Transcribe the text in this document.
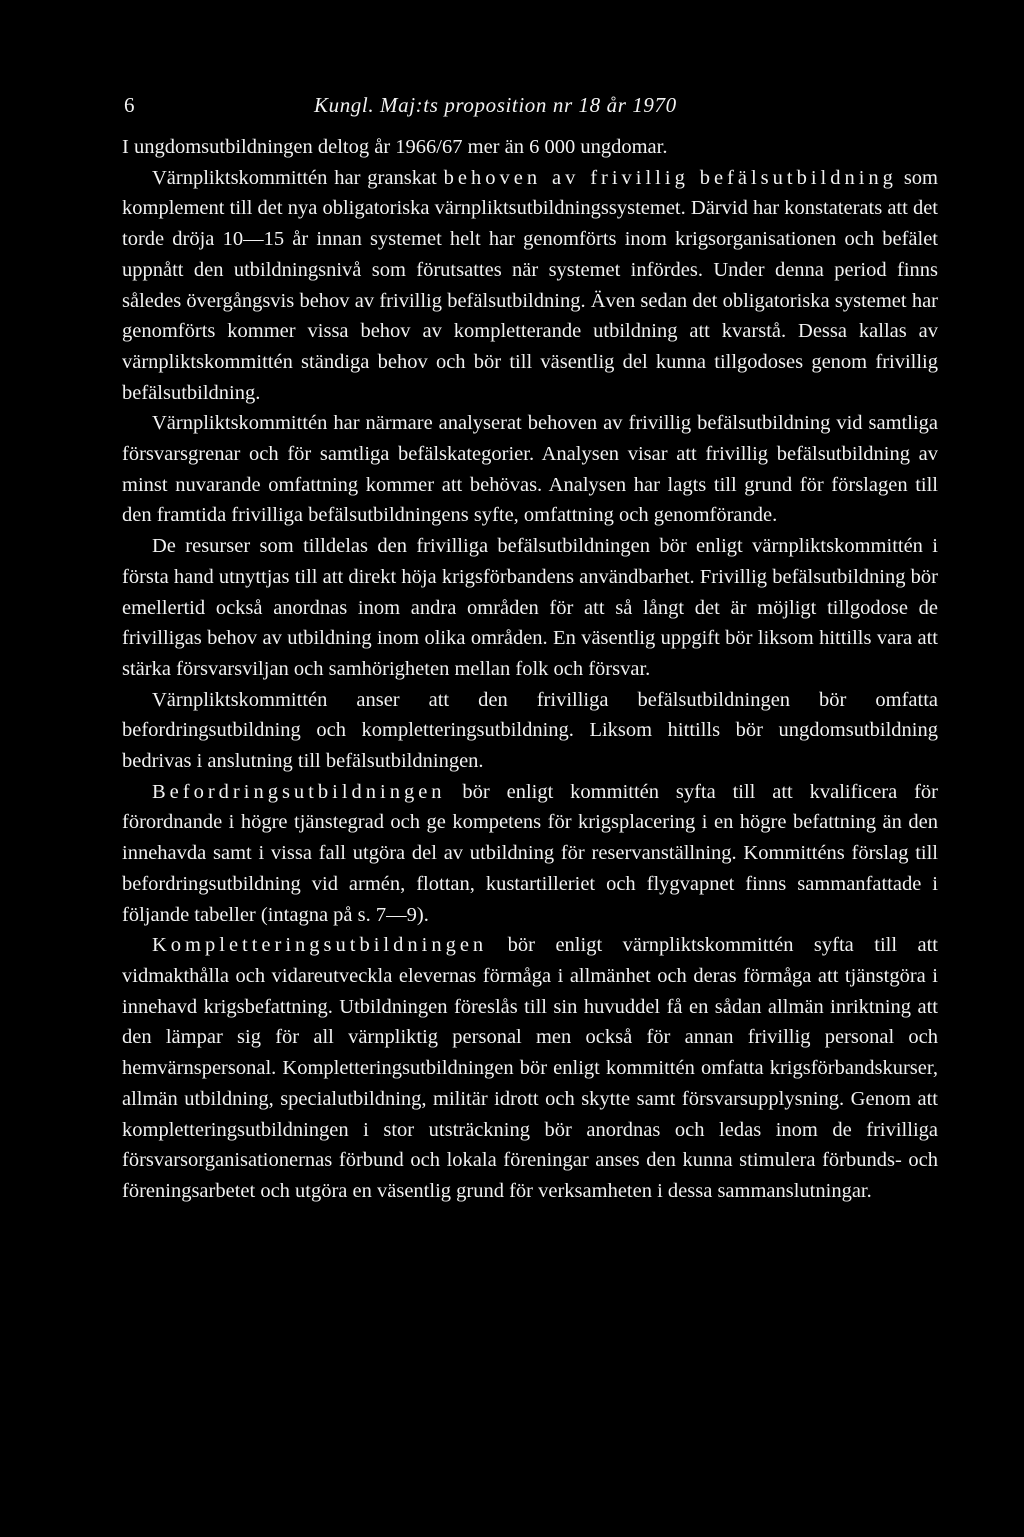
6	Kungl. Maj:ts proposition nr 18 år 1970

I ungdomsutbildningen deltog år 1966/67 mer än 6 000 ungdomar.

Värnpliktskommittén har granskat behoven av frivillig befälsutbildning som komplement till det nya obligatoriska värnpliktsutbildningssystemet. Därvid har konstaterats att det torde dröja 10—15 år innan systemet helt har genomförts inom krigsorganisationen och befälet uppnått den utbildningsnivå som förutsattes när systemet infördes. Under denna period finns således övergångsvis behov av frivillig befälsutbildning. Även sedan det obligatoriska systemet har genomförts kommer vissa behov av kompletterande utbildning att kvarstå. Dessa kallas av värnpliktskommittén ständiga behov och bör till väsentlig del kunna tillgodoses genom frivillig befälsutbildning.

Värnpliktskommittén har närmare analyserat behoven av frivillig befälsutbildning vid samtliga försvarsgrenar och för samtliga befälskategorier. Analysen visar att frivillig befälsutbildning av minst nuvarande omfattning kommer att behövas. Analysen har lagts till grund för förslagen till den framtida frivilliga befälsutbildningens syfte, omfattning och genomförande.

De resurser som tilldelas den frivilliga befälsutbildningen bör enligt värnpliktskommittén i första hand utnyttjas till att direkt höja krigsförbandens användbarhet. Frivillig befälsutbildning bör emellertid också anordnas inom andra områden för att så långt det är möjligt tillgodose de frivilligas behov av utbildning inom olika områden. En väsentlig uppgift bör liksom hittills vara att stärka försvarsviljan och samhörigheten mellan folk och försvar.

Värnpliktskommittén anser att den frivilliga befälsutbildningen bör omfatta befordringsutbildning och kompletteringsutbildning. Liksom hittills bör ungdomsutbildning bedrivas i anslutning till befälsutbildningen.

Befordringsutbildningen bör enligt kommittén syfta till att kvalificera för förordnande i högre tjänstegrad och ge kompetens för krigsplacering i en högre befattning än den innehavda samt i vissa fall utgöra del av utbildning för reservanställning. Kommitténs förslag till befordringsutbildning vid armén, flottan, kustartilleriet och flygvapnet finns sammanfattade i följande tabeller (intagna på s. 7—9).

Kompletteringsutbildningen bör enligt värnpliktskommittén syfta till att vidmakthålla och vidareutveckla elevernas förmåga i allmänhet och deras förmåga att tjänstgöra i innehavd krigsbefattning. Utbildningen föreslås till sin huvuddel få en sådan allmän inriktning att den lämpar sig för all värnpliktig personal men också för annan frivillig personal och hemvärnspersonal. Kompletteringsutbildningen bör enligt kommittén omfatta krigsförbandskurser, allmän utbildning, specialutbildning, militär idrott och skytte samt försvarsupplysning. Genom att kompletteringsutbildningen i stor utsträckning bör anordnas och ledas inom de frivilliga försvarsorganisationernas förbund och lokala föreningar anses den kunna stimulera förbunds- och föreningsarbetet och utgöra en väsentlig grund för verksamheten i dessa sammanslutningar.
